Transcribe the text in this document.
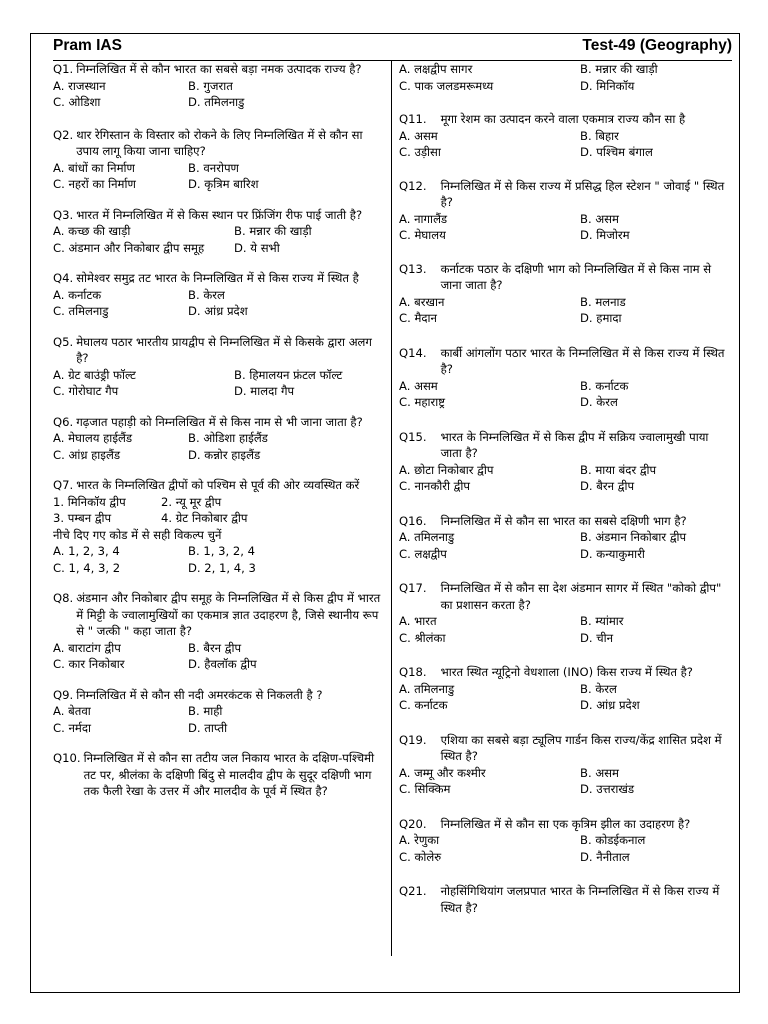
Pram IAS	Test-49 (Geography)
Q1. निम्नलिखित में से कौन भारत का सबसे बड़ा नमक उत्पादक राज्य है?
A. राजस्थान	B. गुजरात
C. ओडिशा	D. तमिलनाडु
Q2. थार रेगिस्तान के विस्तार को रोकने के लिए निम्नलिखित में से कौन सा उपाय लागू किया जाना चाहिए?
A. बांधों का निर्माण	B. वनरोपण
C. नहरों का निर्माण	D. कृत्रिम बारिश
Q3. भारत में निम्नलिखित में से किस स्थान पर फ्रिंजिंग रीफ पाई जाती है?
A. कच्छ की खाड़ी	B. मन्नार की खाड़ी
C. अंडमान और निकोबार द्वीप समूह	D. ये सभी
Q4. सोमेश्वर समुद्र तट भारत के निम्नलिखित में से किस राज्य में स्थित है
A. कर्नाटक	B. केरल
C. तमिलनाडु	D. आंध्र प्रदेश
Q5. मेघालय पठार भारतीय प्रायद्वीप से निम्नलिखित में से किसके द्वारा अलग है?
A. ग्रेट बाउंड्री फॉल्ट	B. हिमालयन फ्रंटल फॉल्ट
C. गोरोघाट गैप	D. मालदा गैप
Q6. गढ़जात पहाड़ी को निम्नलिखित में से किस नाम से भी जाना जाता है?
A. मेघालय हाईलैंड	B. ओडिशा हाईलैंड
C. आंध्र हाइलैंड	D. कन्नोर हाइलैंड
Q7. भारत के निम्नलिखित द्वीपों को पश्चिम से पूर्व की ओर व्यवस्थित करें
1. मिनिकॉय द्वीप	2. न्यू मूर द्वीप
3. पम्बन द्वीप	4. ग्रेट निकोबार द्वीप
नीचे दिए गए कोड में से सही विकल्प चुनें
A. 1, 2, 3, 4	B. 1, 3, 2, 4
C. 1, 4, 3, 2	D. 2, 1, 4, 3
Q8. अंडमान और निकोबार द्वीप समूह के निम्नलिखित में से किस द्वीप में भारत में मिट्टी के ज्वालामुखियों का एकमात्र ज्ञात उदाहरण है, जिसे स्थानीय रूप से " जत्की " कहा जाता है?
A. बाराटांग द्वीप	B. बैरन द्वीप
C. कार निकोबार	D. हैवलॉक द्वीप
Q9. निम्नलिखित में से कौन सी नदी अमरकंटक से निकलती है ?
A. बेतवा	B. माही
C. नर्मदा	D. ताप्ती
Q10. निम्नलिखित में से कौन सा तटीय जल निकाय भारत के दक्षिण-पश्चिमी तट पर, श्रीलंका के दक्षिणी बिंदु से मालदीव द्वीप के सुदूर दक्षिणी भाग तक फैली रेखा के उत्तर में और मालदीव के पूर्व में स्थित है?
A. लक्षद्वीप सागर	B. मन्नार की खाड़ी
C. पाक जलडमरूमध्य	D. मिनिकॉय
Q11. मूगा रेशम का उत्पादन करने वाला एकमात्र राज्य कौन सा है
A. असम	B. बिहार
C. उड़ीसा	D. पश्चिम बंगाल
Q12. निम्नलिखित में से किस राज्य में प्रसिद्ध हिल स्टेशन " जोवाई " स्थित है?
A. नागालैंड	B. असम
C. मेघालय	D. मिजोरम
Q13. कर्नाटक पठार के दक्षिणी भाग को निम्नलिखित में से किस नाम से जाना जाता है?
A. बरखान	B. मलनाड
C. मैदान	D. हमादा
Q14. कार्बी आंगलोंग पठार भारत के निम्नलिखित में से किस राज्य में स्थित है?
A. असम	B. कर्नाटक
C. महाराष्ट्र	D. केरल
Q15. भारत के निम्नलिखित में से किस द्वीप में सक्रिय ज्वालामुखी पाया जाता है?
A. छोटा निकोबार द्वीप	B. माया बंदर द्वीप
C. नानकौरी द्वीप	D. बैरन द्वीप
Q16. निम्नलिखित में से कौन सा भारत का सबसे दक्षिणी भाग है?
A. तमिलनाडु	B. अंडमान निकोबार द्वीप
C. लक्षद्वीप	D. कन्याकुमारी
Q17. निम्नलिखित में से कौन सा देश अंडमान सागर में स्थित "कोको द्वीप" का प्रशासन करता है?
A. भारत	B. म्यांमार
C. श्रीलंका	D. चीन
Q18. भारत स्थित न्यूट्रिनो वेधशाला (INO) किस राज्य में स्थित है?
A. तमिलनाडु	B. केरल
C. कर्नाटक	D. आंध्र प्रदेश
Q19. एशिया का सबसे बड़ा ट्यूलिप गार्डन किस राज्य/केंद्र शासित प्रदेश में स्थित है?
A. जम्मू और कश्मीर	B. असम
C. सिक्किम	D. उत्तराखंड
Q20. निम्नलिखित में से कौन सा एक कृत्रिम झील का उदाहरण है?
A. रेणुका	B. कोडईकनाल
C. कोलेरु	D. नैनीताल
Q21. नोहसिंगिथियांग जलप्रपात भारत के निम्नलिखित में से किस राज्य में स्थित है?
